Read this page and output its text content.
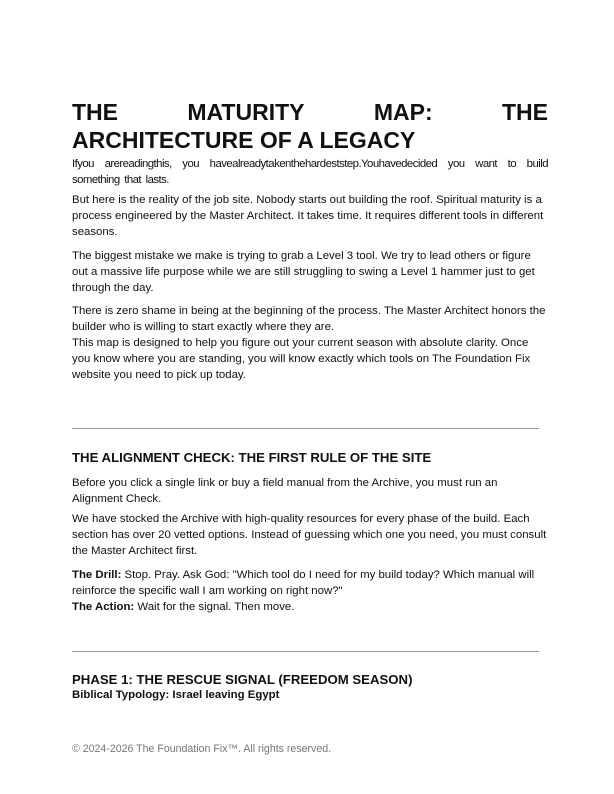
THE	MATURITY	MAP:	THE
ARCHITECTURE OF A LEGACY

Ifyou arereadingthis, you havealreadytakenthehardeststep.Youhavedecided you want to build something that lasts.

But here is the reality of the job site. Nobody starts out building the roof. Spiritual maturity is a process engineered by the Master Architect. It takes time. It requires different tools in different seasons.

The biggest mistake we make is trying to grab a Level 3 tool. We try to lead others or figure out a massive life purpose while we are still struggling to swing a Level 1 hammer just to get through the day.

There is zero shame in being at the beginning of the process. The Master Architect honors the builder who is willing to start exactly where they are.

This map is designed to help you figure out your current season with absolute clarity. Once you know where you are standing, you will know exactly which tools on The Foundation Fix website you need to pick up today.

THE ALIGNMENT CHECK: THE FIRST RULE OF THE SITE

Before you click a single link or buy a field manual from the Archive, you must run an Alignment Check.

We have stocked the Archive with high-quality resources for every phase of the build. Each section has over 20 vetted options. Instead of guessing which one you need, you must consult the Master Architect first.

The Drill: Stop. Pray. Ask God: "Which tool do I need for my build today? Which manual will reinforce the specific wall I am working on right now?"

The Action: Wait for the signal. Then move.

PHASE 1: THE RESCUE SIGNAL (FREEDOM SEASON)

Biblical Typology: Israel leaving Egypt

© 2024-2026 The Foundation Fix™. All rights reserved.
